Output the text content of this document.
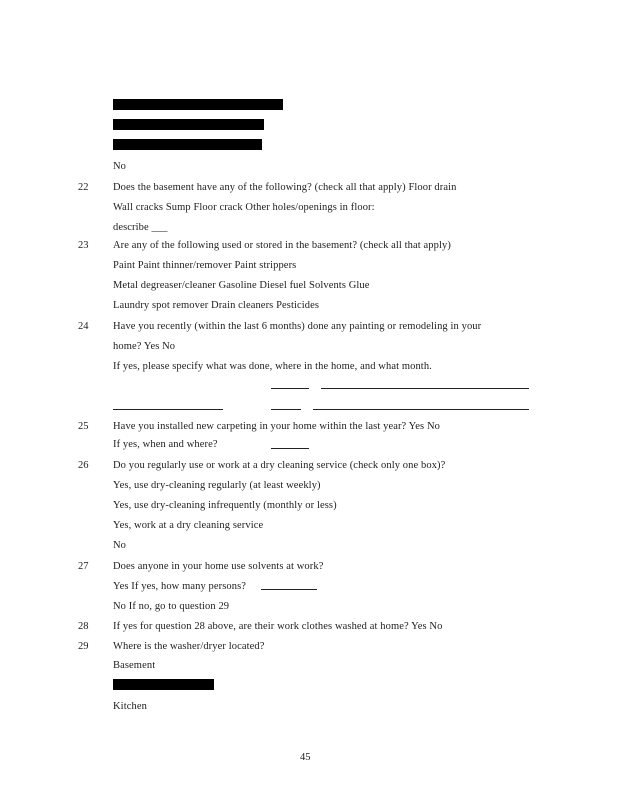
No
22 Does the basement have any of the following? (check all that apply) Floor drain
Wall cracks Sump Floor crack Other holes/openings in floor:
describe ___
23 Are any of the following used or stored in the basement? (check all that apply)
Paint Paint thinner/remover Paint strippers
Metal degreaser/cleaner Gasoline Diesel fuel Solvents Glue
Laundry spot remover Drain cleaners Pesticides
24 Have you recently (within the last 6 months) done any painting or remodeling in your
home? Yes No
If yes, please specify what was done, where in the home, and what month.
25 Have you installed new carpeting in your home within the last year? Yes No
If yes, when and where?
26 Do you regularly use or work at a dry cleaning service (check only one box)?
Yes, use dry-cleaning regularly (at least weekly)
Yes, use dry-cleaning infrequently (monthly or less)
Yes, work at a dry cleaning service
No
27 Does anyone in your home use solvents at work?
Yes If yes, how many persons?
No If no, go to question 29
28 If yes for question 28 above, are their work clothes washed at home? Yes No
29 Where is the washer/dryer located?
Basement
Kitchen
45
